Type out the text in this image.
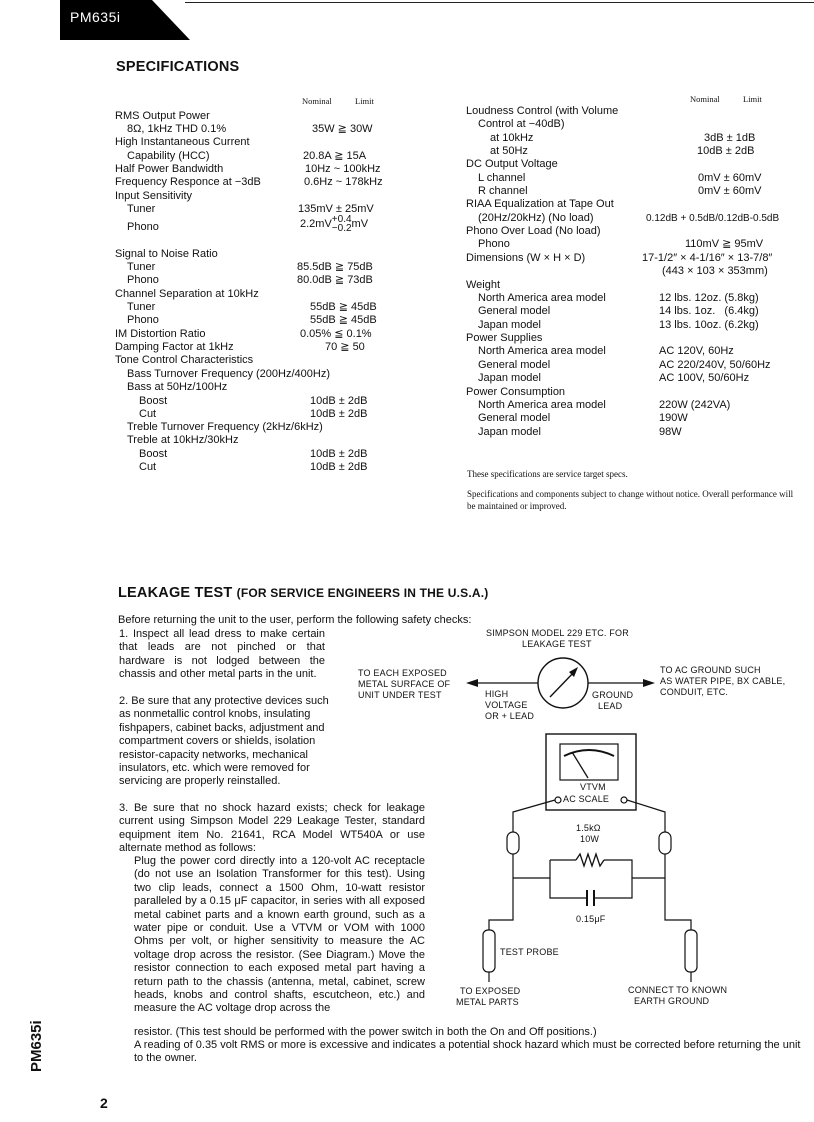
PM635i
SPECIFICATIONS
Nominal	Limit	Nominal	Limit
RMS Output Power
8Ω, 1kHz THD 0.1%	35W ≧ 30W
High Instantaneous Current
Capability (HCC)	20.8A ≧ 15A
Half Power Bandwidth	10Hz ~ 100kHz
Frequency Responce at −3dB	0.6Hz ~ 178kHz
Input Sensitivity
Tuner	135mV ± 25mV
Phono	2.2mV+0.4
−0.2mV
Signal to Noise Ratio
Tuner	85.5dB ≧ 75dB
Phono	80.0dB ≧ 73dB
Channel Separation at 10kHz
Tuner	55dB ≧ 45dB
Phono	55dB ≧ 45dB
IM Distortion Ratio	0.05% ≦ 0.1%
Damping Factor at 1kHz	70 ≧ 50
Tone Control Characteristics
Bass Turnover Frequency (200Hz/400Hz)
Bass at 50Hz/100Hz
Boost	10dB ± 2dB
Cut	10dB ± 2dB
Treble Turnover Frequency (2kHz/6kHz)
Treble at 10kHz/30kHz
Boost	10dB ± 2dB
Cut	10dB ± 2dB
Loudness Control (with Volume
Control at −40dB)
at 10kHz	3dB ± 1dB
at 50Hz	10dB ± 2dB
DC Output Voltage
L channel	0mV ± 60mV
R channel	0mV ± 60mV
RIAA Equalization at Tape Out
(20Hz/20kHz) (No load)	0.12dB + 0.5dB/0.12dB-0.5dB
Phono Over Load (No load)
Phono	110mV ≧ 95mV
Dimensions (W × H × D)	17-1/2″ × 4-1/16″ × 13-7/8″
(443 × 103 × 353mm)
Weight
North America area model	12 lbs. 12oz. (5.8kg)
General model	14 lbs. 1oz.   (6.4kg)
Japan model	13 lbs. 10oz. (6.2kg)
Power Supplies
North America area model	AC 120V, 60Hz
General model	AC 220/240V, 50/60Hz
Japan model	AC 100V, 50/60Hz
Power Consumption
North America area model	220W (242VA)
General model	190W
Japan model	98W
These specifications are service target specs.
Specifications and components subject to change without notice. Overall performance will be maintained or improved.
LEAKAGE TEST (FOR SERVICE ENGINEERS IN THE U.S.A.)
Before returning the unit to the user, perform the following safety checks:
1. Inspect all lead dress to make certain that leads are not pinched or that hardware is not lodged between the chassis and other metal parts in the unit.
2. Be sure that any protective devices such as nonmetallic control knobs, insulating fishpapers, cabinet backs, adjustment and compartment covers or shields, isolation resistor-capacity networks, mechanical insulators, etc. which were removed for servicing are properly reinstalled.
3. Be sure that no shock hazard exists; check for leakage current using Simpson Model 229 Leakage Tester, standard equipment item No. 21641, RCA Model WT540A or use alternate method as follows:
Plug the power cord directly into a 120-volt AC receptacle (do not use an Isolation Transformer for this test). Using two clip leads, connect a 1500 Ohm, 10-watt resistor paralleled by a 0.15 μF capacitor, in series with all exposed metal cabinet parts and a known earth ground, such as a water pipe or conduit. Use a VTVM or VOM with 1000 Ohms per volt, or higher sensitivity to measure the AC voltage drop across the resistor. (See Diagram.) Move the resistor connection to each exposed metal part having a return path to the chassis (antenna, metal, cabinet, screw heads, knobs and control shafts, escutcheon, etc.) and measure the AC voltage drop across the
resistor. (This test should be performed with the power switch in both the On and Off positions.)
A reading of 0.35 volt RMS or more is excessive and indicates a potential shock hazard which must be corrected before returning the unit to the owner.
SIMPSON MODEL 229 ETC. FOR
LEAKAGE TEST
TO EACH EXPOSED
METAL SURFACE OF
UNIT UNDER TEST
TO AC GROUND SUCH
AS WATER PIPE, BX CABLE,
CONDUIT, ETC.
HIGH
VOLTAGE
OR + LEAD
GROUND
LEAD
VTVM
AC SCALE
1.5kΩ
10W
0.15μF
TEST PROBE
TO EXPOSED
METAL PARTS
CONNECT TO KNOWN
EARTH GROUND
PM635i
2
